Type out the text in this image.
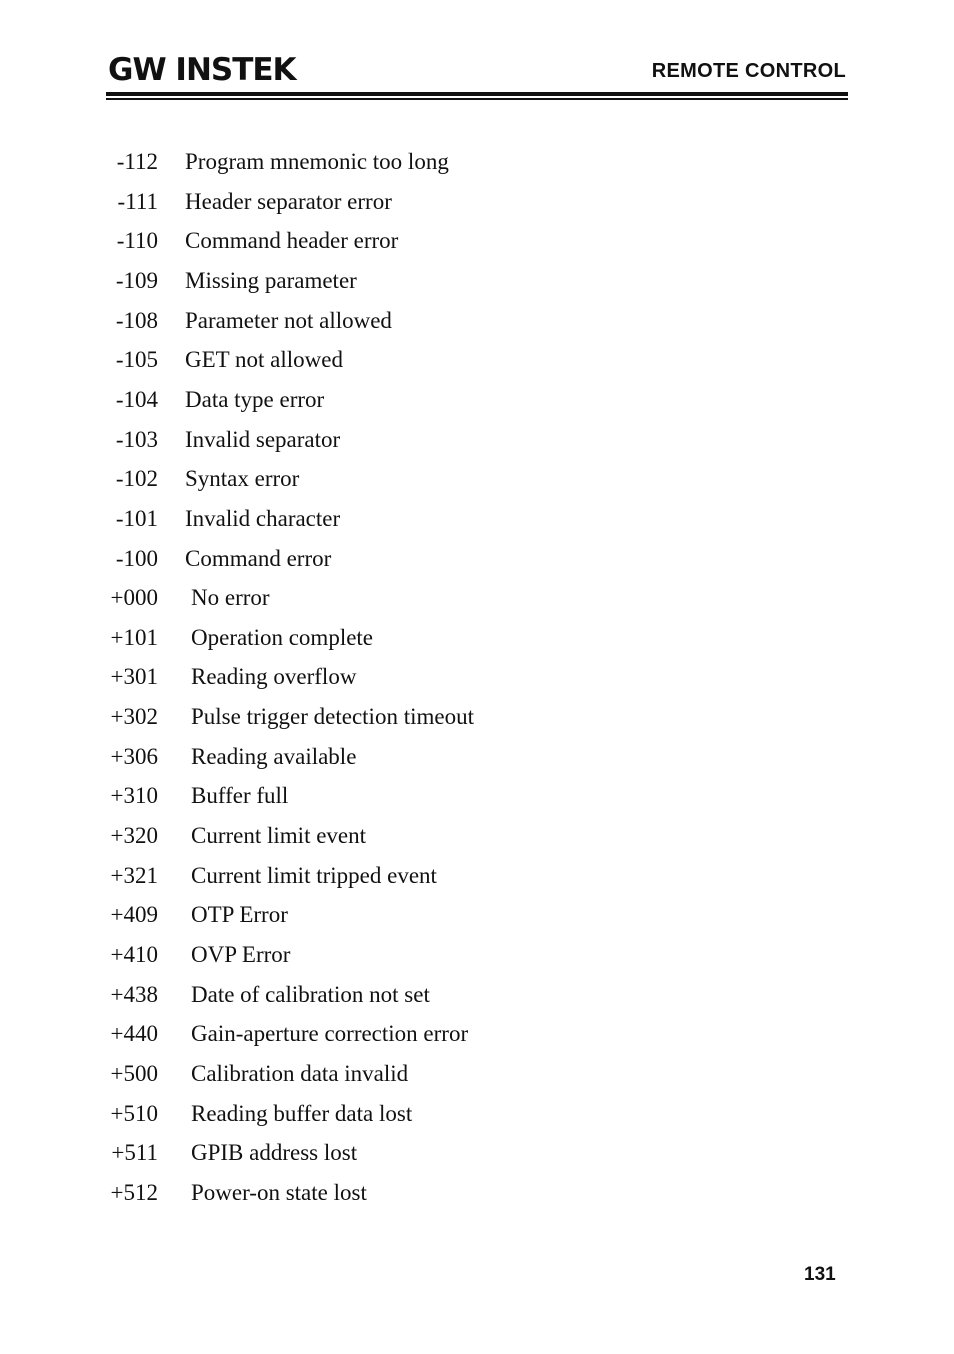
GW INSTEK	REMOTE CONTROL
-112 Program mnemonic too long
-111 Header separator error
-110 Command header error
-109 Missing parameter
-108 Parameter not allowed
-105 GET not allowed
-104 Data type error
-103 Invalid separator
-102 Syntax error
-101 Invalid character
-100 Command error
+000 No error
+101 Operation complete
+301 Reading overflow
+302 Pulse trigger detection timeout
+306 Reading available
+310 Buffer full
+320 Current limit event
+321 Current limit tripped event
+409 OTP Error
+410 OVP Error
+438 Date of calibration not set
+440 Gain-aperture correction error
+500 Calibration data invalid
+510 Reading buffer data lost
+511 GPIB address lost
+512 Power-on state lost
131
